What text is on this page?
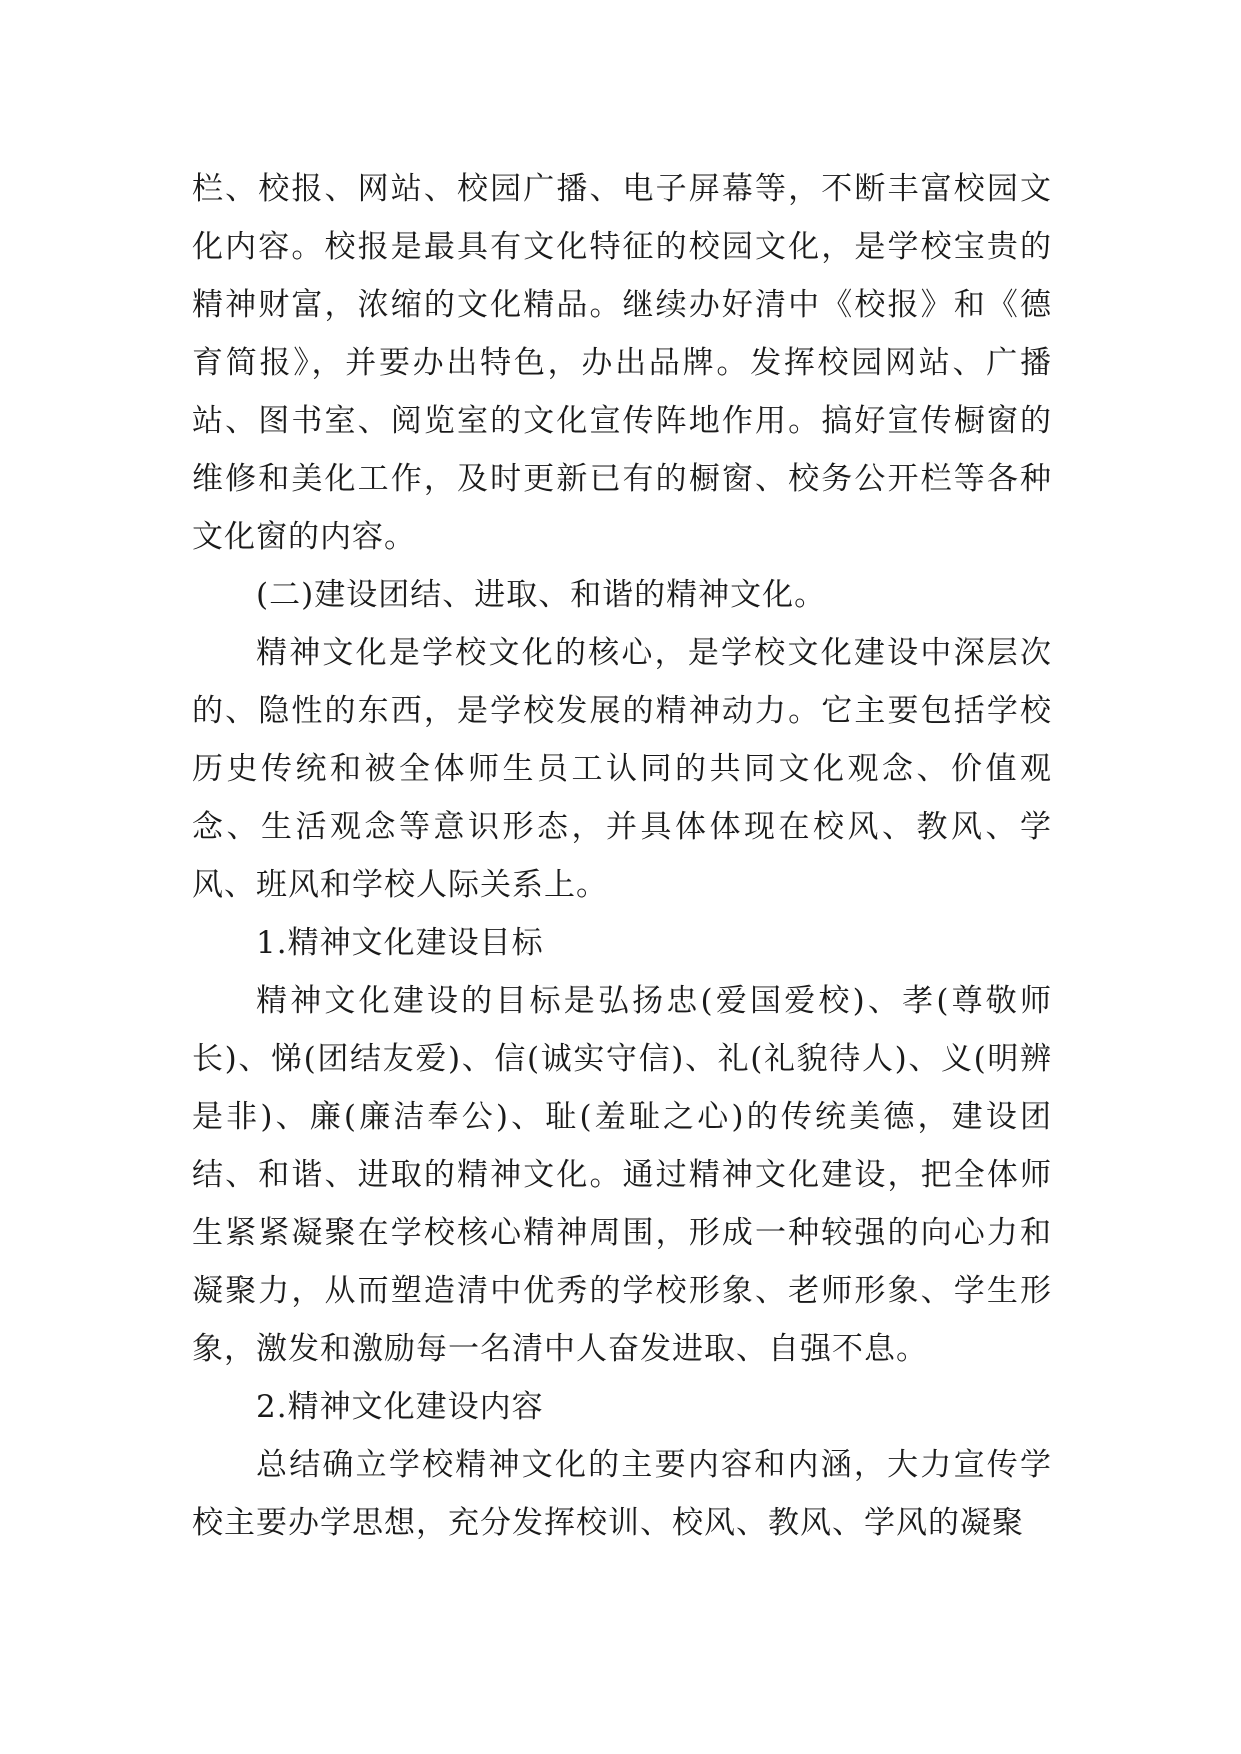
栏、校报、网站、校园广播、电子屏幕等，不断丰富校园文化内容。校报是最具有文化特征的校园文化，是学校宝贵的精神财富，浓缩的文化精品。继续办好清中《校报》和《德育简报》，并要办出特色，办出品牌。发挥校园网站、广播站、图书室、阅览室的文化宣传阵地作用。搞好宣传橱窗的维修和美化工作，及时更新已有的橱窗、校务公开栏等各种文化窗的内容。

(二)建设团结、进取、和谐的精神文化。

精神文化是学校文化的核心，是学校文化建设中深层次的、隐性的东西，是学校发展的精神动力。它主要包括学校历史传统和被全体师生员工认同的共同文化观念、价值观念、生活观念等意识形态，并具体体现在校风、教风、学风、班风和学校人际关系上。

1.精神文化建设目标

精神文化建设的目标是弘扬忠(爱国爱校)、孝(尊敬师长)、悌(团结友爱)、信(诚实守信)、礼(礼貌待人)、义(明辨是非)、廉(廉洁奉公)、耻(羞耻之心)的传统美德，建设团结、和谐、进取的精神文化。通过精神文化建设，把全体师生紧紧凝聚在学校核心精神周围，形成一种较强的向心力和凝聚力，从而塑造清中优秀的学校形象、老师形象、学生形象，激发和激励每一名清中人奋发进取、自强不息。

2.精神文化建设内容

总结确立学校精神文化的主要内容和内涵，大力宣传学校主要办学思想，充分发挥校训、校风、教风、学风的凝聚
